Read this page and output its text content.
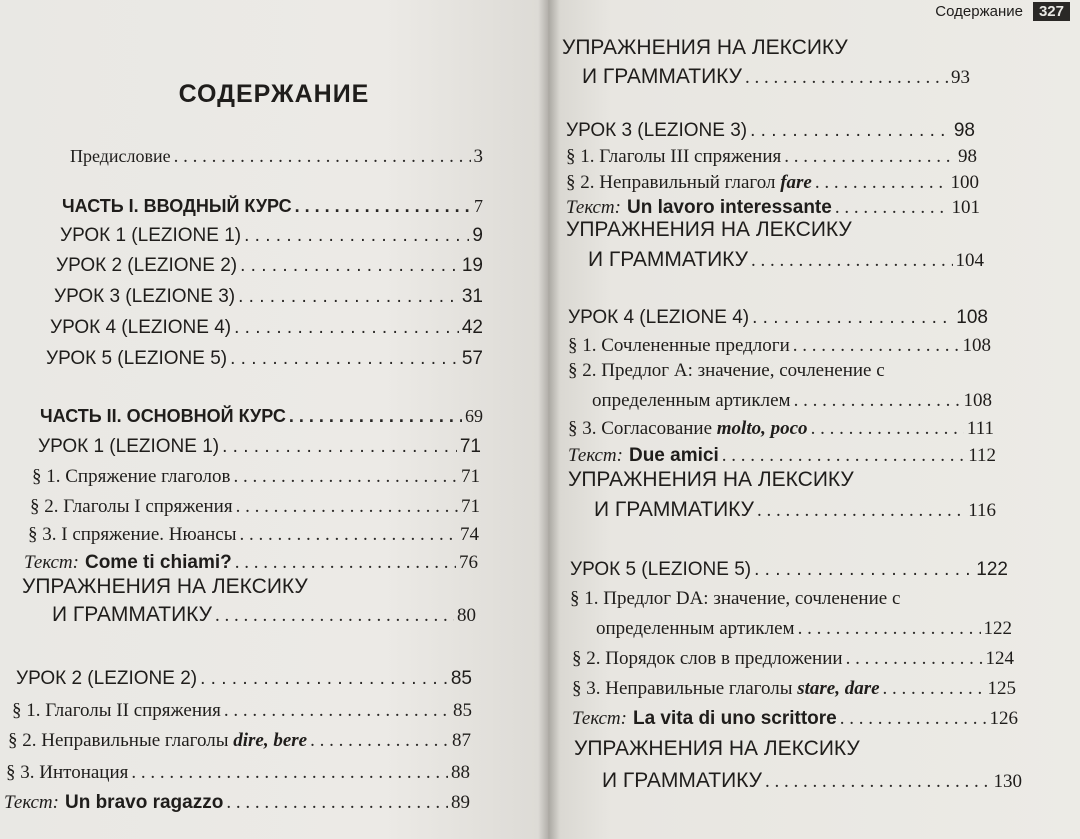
СОДЕРЖАНИЕ
Предисловие . . .	3
ЧАСТЬ I. ВВОДНЫЙ КУРС . . .	7
УРОК 1 (LEZIONE 1) . . .	9
УРОК 2 (LEZIONE 2) . . .	19
УРОК 3 (LEZIONE 3) . . .	31
УРОК 4 (LEZIONE 4) . . .	42
УРОК 5 (LEZIONE 5) . . .	57
ЧАСТЬ II. ОСНОВНОЙ КУРС . . .	69
УРОК 1 (LEZIONE 1) . . .	71
§ 1. Спряжение глаголов . . .	71
§ 2. Глаголы I спряжения . . .	71
§ 3. I спряжение. Нюансы . . .	74
Текст: Come ti chiami? . . .	76
УПРАЖНЕНИЯ НА ЛЕКСИКУ
И ГРАММАТИКУ . . .	80
УРОК 2 (LEZIONE 2) . . .	85
§ 1. Глаголы II спряжения . . .	85
§ 2. Неправильные глаголы dire, bere . . .	87
§ 3. Интонация . . .	88
Текст: Un bravo ragazzo . . .	89
Содержание	327
УПРАЖНЕНИЯ НА ЛЕКСИКУ
И ГРАММАТИКУ . . .	93
УРОК 3 (LEZIONE 3) . . .	98
§ 1. Глаголы III спряжения . . .	98
§ 2. Неправильный глагол fare . . .	100
Текст: Un lavoro interessante . . .	101
УПРАЖНЕНИЯ НА ЛЕКСИКУ
И ГРАММАТИКУ . . .	104
УРОК 4 (LEZIONE 4) . . .	108
§ 1. Сочлененные предлоги . . .	108
§ 2. Предлог А: значение, сочленение с
определенным артиклем . . .	108
§ 3. Согласование molto, poco . . .	111
Текст: Due amici . . .	112
УПРАЖНЕНИЯ НА ЛЕКСИКУ
И ГРАММАТИКУ . . .	116
УРОК 5 (LEZIONE 5) . . .	122
§ 1. Предлог DA: значение, сочленение с
определенным артиклем . . .	122
§ 2. Порядок слов в предложении . . .	124
§ 3. Неправильные глаголы stare, dare . . .	125
Текст: La vita di uno scrittore . . .	126
УПРАЖНЕНИЯ НА ЛЕКСИКУ
И ГРАММАТИКУ . . .	130
